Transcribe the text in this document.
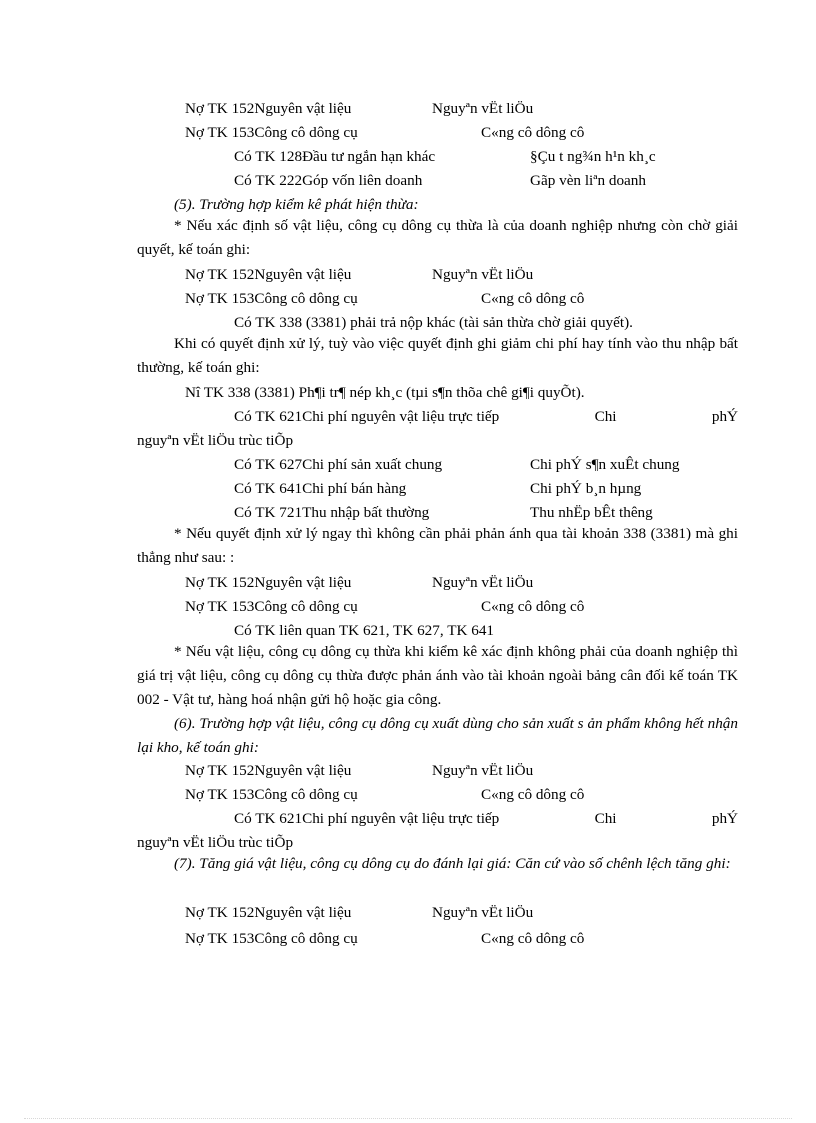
Nợ TK 152Nguyên vật liệu	Nguyªn vËt liÖu
Nợ TK 153Công cô dông cụ	C«ng cô dông cô
Có TK 128Đầu tư ngắn hạn khác	§Çu t ng¾n h¹n kh¸c
Có TK 222Góp vốn liên doanh	Gãp vèn liªn doanh
(5). Trường hợp kiểm kê phát hiện thừa:
* Nếu xác định số vật liệu, công cụ dông cụ thừa là của doanh nghiệp nhưng còn chờ giải quyết, kế toán ghi:
Nợ TK 152Nguyên vật liệu	Nguyªn vËt liÖu
Nợ TK 153Công cô dông cụ	C«ng cô dông cô
Có TK 338 (3381) phải trả nộp khác (tài sản thừa chờ giải quyết).
Khi có quyết định xử lý, tuỳ vào việc quyết định ghi giảm chi phí hay tính vào thu nhập bất thường, kế toán ghi:
Nî TK 338 (3381) Ph¶i tr¶ nép kh¸c (tµi s¶n thõa chê gi¶i quyÕt).
Có TK 621Chi phí nguyên vật liệu trực tiếp	Chi	phÝ
nguyªn vËt liÖu trùc tiÕp
Có TK 627Chi phí sản xuất chung	Chi phÝ s¶n xuÊt chung
Có TK 641Chi phí bán hàng	Chi phÝ b¸n hµng
Có TK 721Thu nhập bất thường	Thu nhËp bÊt thêng
* Nếu quyết định xử lý ngay thì không cần phải phản ánh qua tài khoản 338 (3381) mà ghi thẳng như sau: :
Nợ TK 152Nguyên vật liệu	Nguyªn vËt liÖu
Nợ TK 153Công cô dông cụ	C«ng cô dông cô
Có TK liên quan TK 621, TK 627, TK 641
* Nếu vật liệu, công cụ dông cụ thừa khi kiểm kê xác định không phải của doanh nghiệp thì giá trị vật liệu, công cụ dông cụ thừa được phản ánh vào tài khoản ngoài bảng cân đối kế toán TK 002 - Vật tư, hàng hoá nhận gửi hộ hoặc gia công.
(6). Trường hợp vật liệu, công cụ dông cụ xuất dùng cho sản xuất s ản phẩm không hết nhận lại kho, kế toán ghi:
Nợ TK 152Nguyên vật liệu	Nguyªn vËt liÖu
Nợ TK 153Công cô dông cụ	C«ng cô dông cô
Có TK 621Chi phí nguyên vật liệu trực tiếp	Chi	phÝ
nguyªn vËt liÖu trùc tiÕp
(7). Tăng giá vật liệu, công cụ dông cụ do đánh lại giá: Căn cứ vào số chênh lệch tăng ghi:
Nợ TK 152Nguyên vật liệu	Nguyªn vËt liÖu
Nợ TK 153Công cô dông cụ	C«ng cô dông cô
